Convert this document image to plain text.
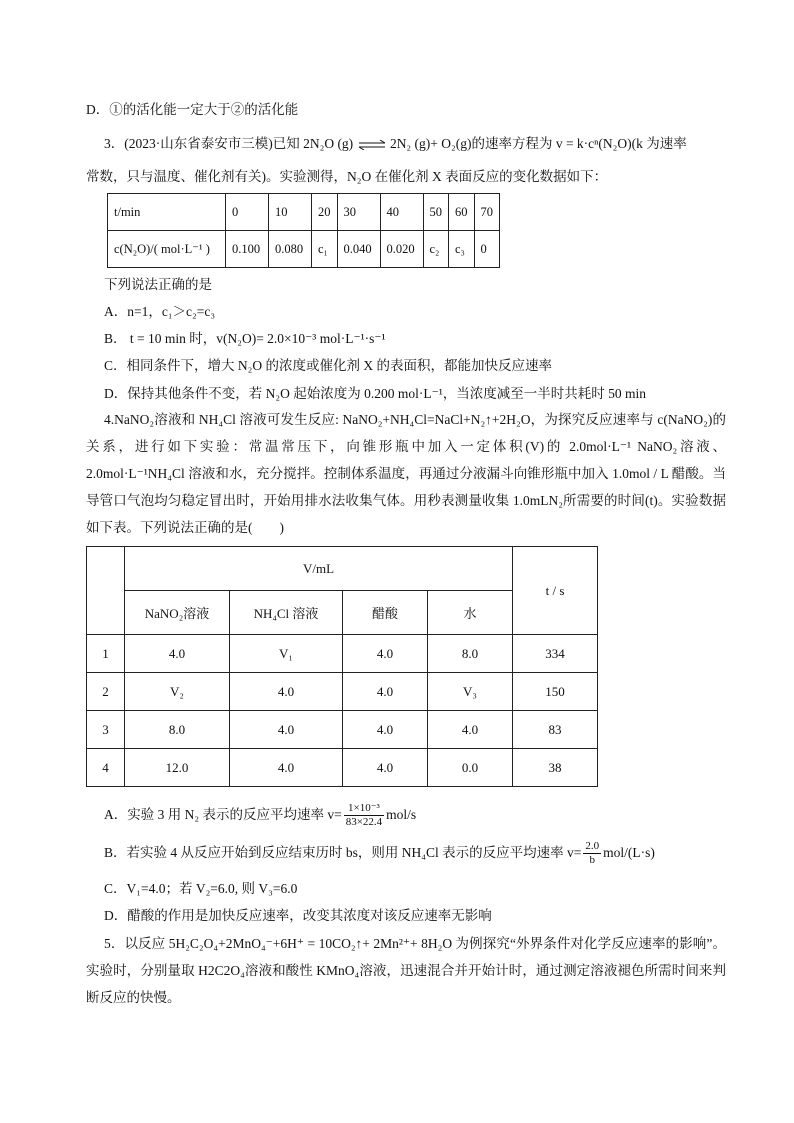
D．①的活化能一定大于②的活化能
3．(2023·山东省泰安市三模)已知 2N₂O (g) ⇌ 2N₂ (g)+ O₂(g)的速率方程为 v = k·cⁿ(N₂O)(k 为速率
常数，只与温度、催化剂有关)。实验测得，N₂O 在催化剂 X 表面反应的变化数据如下：
t/min	0	10	20	30	40	50	60	70
c(N₂O)/( mol·L⁻¹ )	0.100	0.080	c₁	0.040	0.020	c₂	c₃	0
下列说法正确的是
A．n=1，c₁＞c₂=c₃
B． t = 10 min 时，v(N₂O)= 2.0×10⁻³ mol·L⁻¹·s⁻¹
C．相同条件下，增大 N₂O 的浓度或催化剂 X 的表面积，都能加快反应速率
D．保持其他条件不变，若 N₂O 起始浓度为 0.200 mol·L⁻¹，当浓度减至一半时共耗时 50 min
4.NaNO₂溶液和 NH₄Cl 溶液可发生反应: NaNO₂+NH₄Cl=NaCl+N₂↑+2H₂O，为探究反应速率与 c(NaNO₂)的关系，进行如下实验：常温常压下，向锥形瓶中加入一定体积(V)的 2.0mol·L⁻¹ NaNO₂溶液、2.0mol·L⁻¹NH₄Cl 溶液和水，充分搅拌。控制体系温度，再通过分液漏斗向锥形瓶中加入 1.0mol / L 醋酸。当导管口气泡均匀稳定冒出时，开始用排水法收集气体。用秒表测量收集 1.0mLN₂所需要的时间(t)。实验数据如下表。下列说法正确的是(　　)
	V/mL				t / s
	NaNO₂溶液	NH₄Cl 溶液	醋酸	水	
1	4.0	V₁	4.0	8.0	334
2	V₂	4.0	4.0	V₃	150
3	8.0	4.0	4.0	4.0	83
4	12.0	4.0	4.0	0.0	38
A．实验 3 用 N₂ 表示的反应平均速率 $v= \frac{\text{1×10⁻³}}{83\times 22.4} mol/s$
B．若实验 4 从反应开始到反应结束历时 bs，则用 NH₄Cl 表示的反应平均速率 $v= \frac{2.0}{b} mol/(L\cdot s)$
C．V₁=4.0；若 V₂=6.0, 则 V₃=6.0
D．醋酸的作用是加快反应速率，改变其浓度对该反应速率无影响
5．以反应 5H₂C₂O₄+2MnO₄⁻+6H⁺ = 10CO₂↑+ 2Mn²⁺+ 8H₂O 为例探究“外界条件对化学反应速率的影响”。实验时，分别量取 H2C2O₄溶液和酸性 KMnO₄溶液，迅速混合并开始计时，通过测定溶液褪色所需时间来判断反应的快慢。
